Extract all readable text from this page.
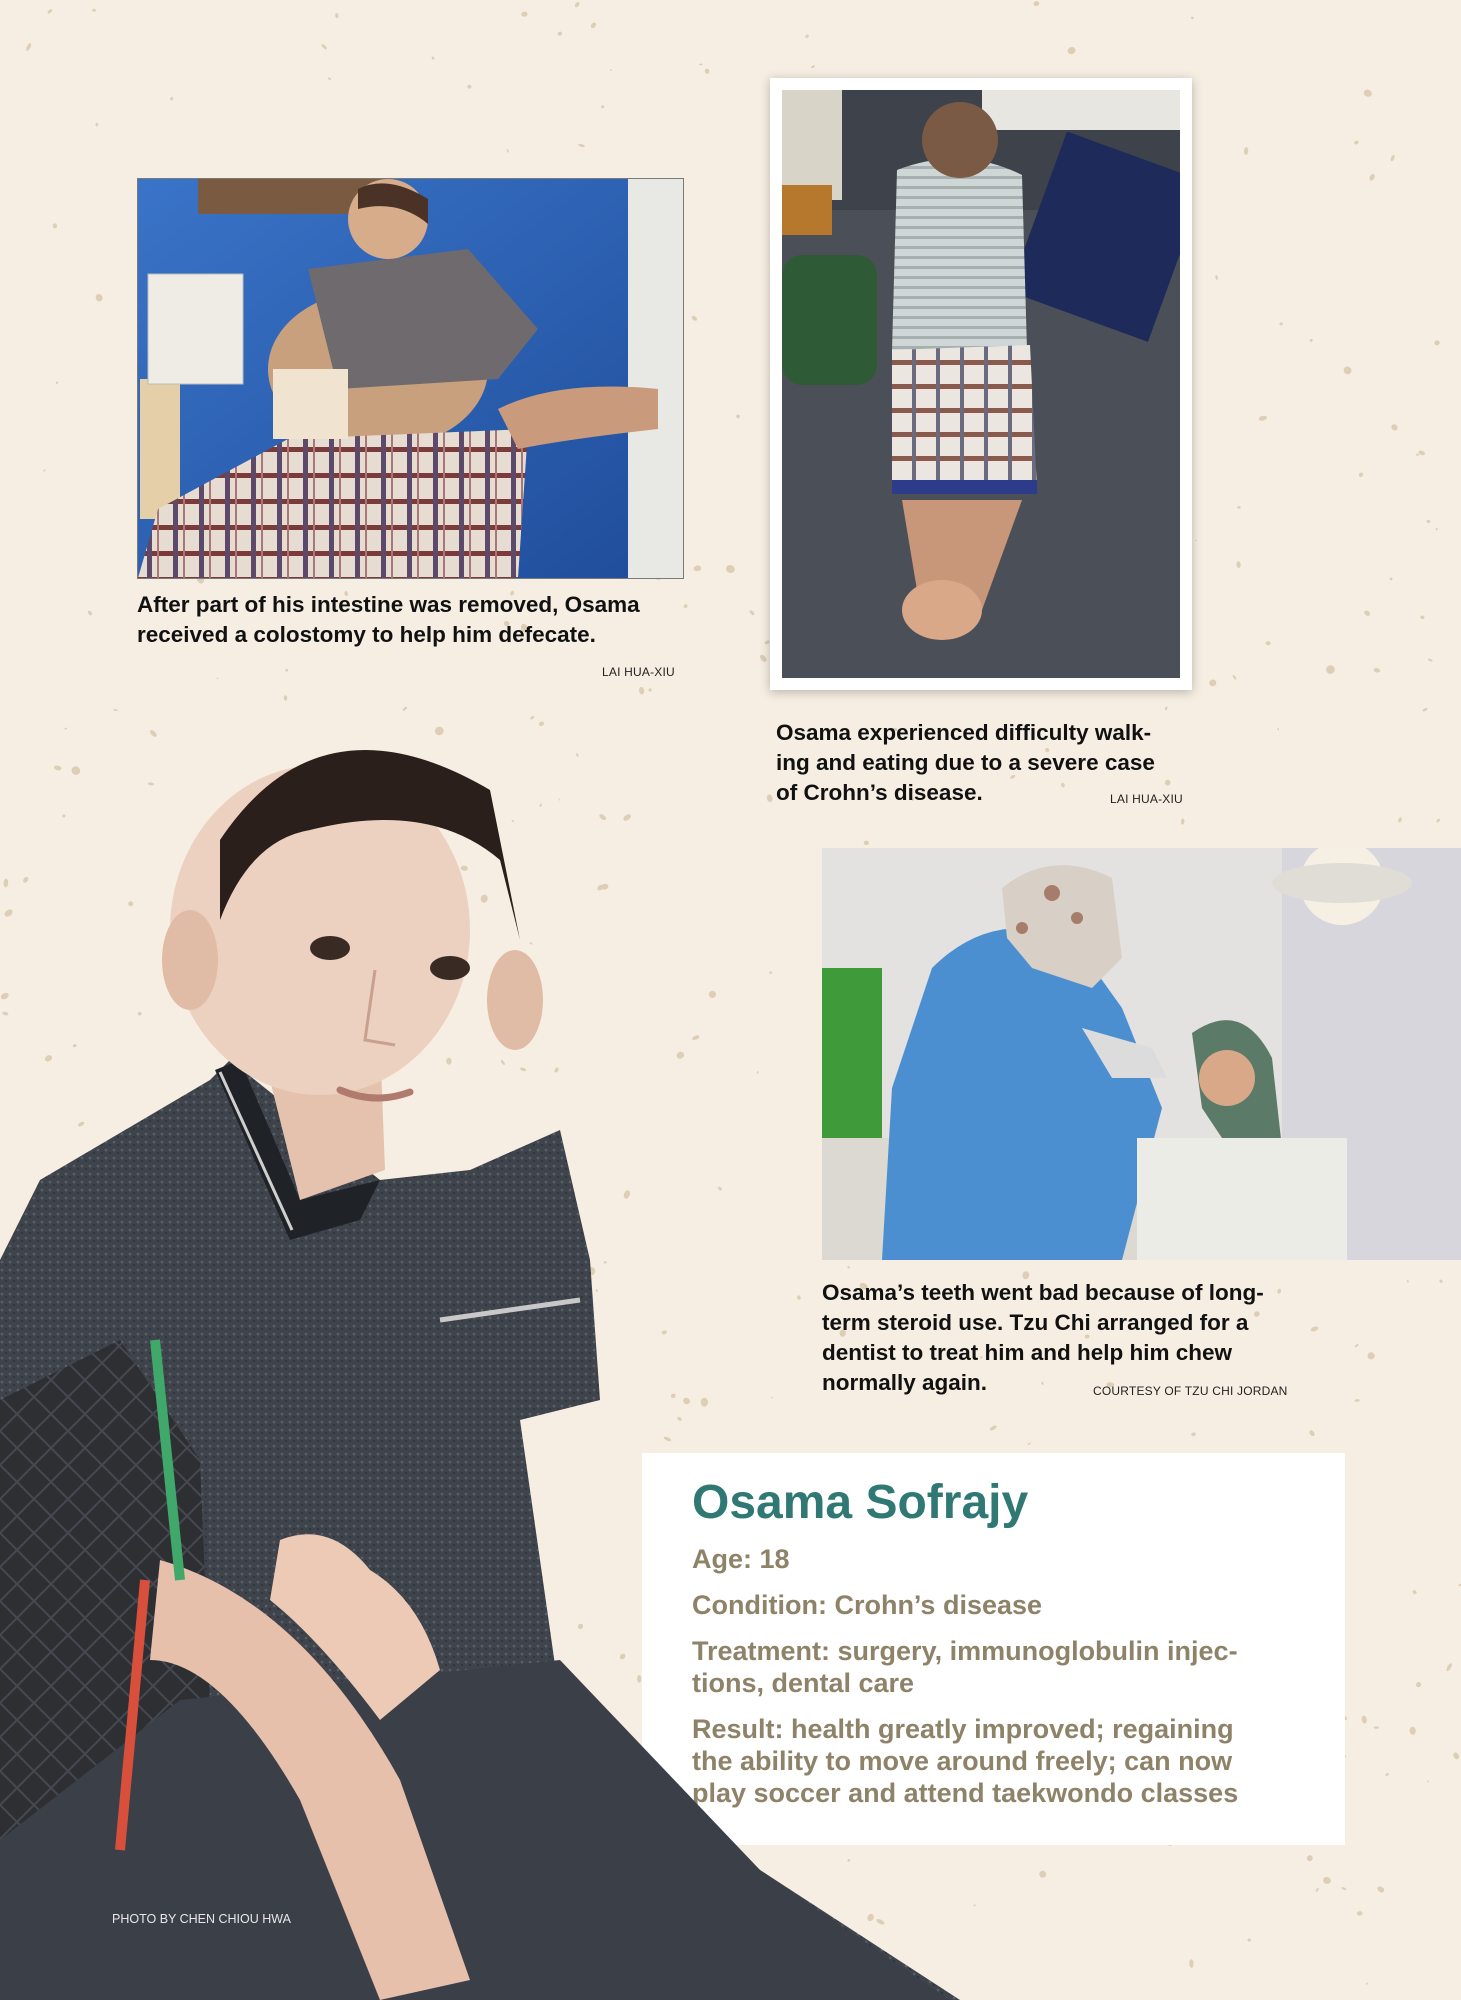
After part of his intestine was removed, Osama received a colostomy to help him defecate.

LAI HUA-XIU

Osama experienced difficulty walk-
ing and eating due to a severe case
of Crohn’s disease.	LAI HUA-XIU

Osama’s teeth went bad because of long-
term steroid use. Tzu Chi arranged for a
dentist to treat him and help him chew
normally again.	COURTESY OF TZU CHI JORDAN
Osama Sofrajy

Age: 18

Condition: Crohn’s disease

Treatment: surgery, immunoglobulin injec-
tions, dental care

Result: health greatly improved; regaining
the ability to move around freely; can now
play soccer and attend taekwondo classes

PHOTO BY CHEN CHIOU HWA
